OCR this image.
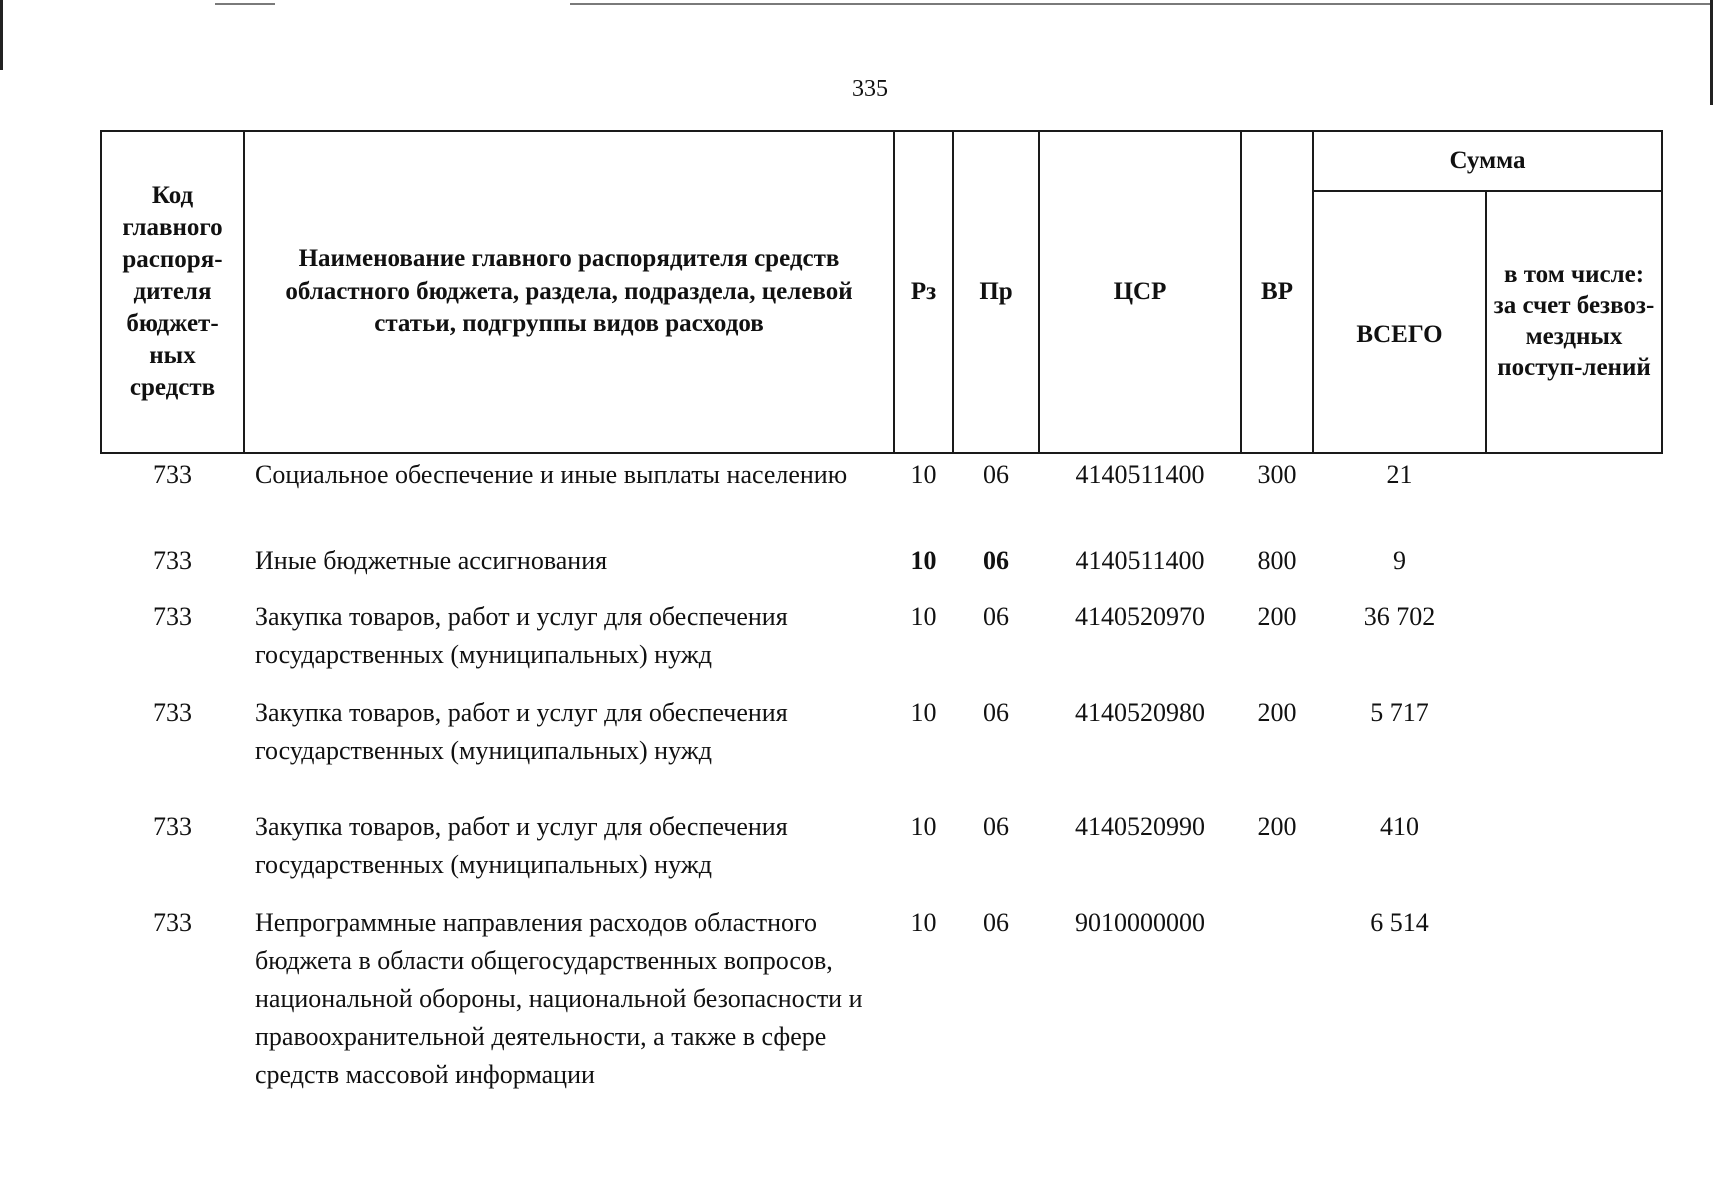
335
Код главного распоря-дителя бюджет-ных средств	Наименование главного распорядителя средств областного бюджета, раздела, подраздела, целевой статьи, подгруппы видов расходов	Рз	Пр	ЦСР	ВР	Сумма	
						ВСЕГО	в том числе: за счет безвоз-мездных поступ-лений
733	Социальное обеспечение и иные выплаты населению	10	06	4140511400	300	21	
733	Иные бюджетные ассигнования	10	06	4140511400	800	9	
733	Закупка товаров, работ и услуг для обеспечения государственных (муниципальных) нужд	10	06	4140520970	200	36 702	
733	Закупка товаров, работ и услуг для обеспечения государственных (муниципальных) нужд	10	06	4140520980	200	5 717	
733	Закупка товаров, работ и услуг для обеспечения государственных (муниципальных) нужд	10	06	4140520990	200	410	
733	Непрограммные направления расходов областного бюджета в области общегосударственных вопросов, национальной обороны, национальной безопасности и правоохранительной деятельности, а также в сфере средств массовой информации	10	06	9010000000		6 514	
